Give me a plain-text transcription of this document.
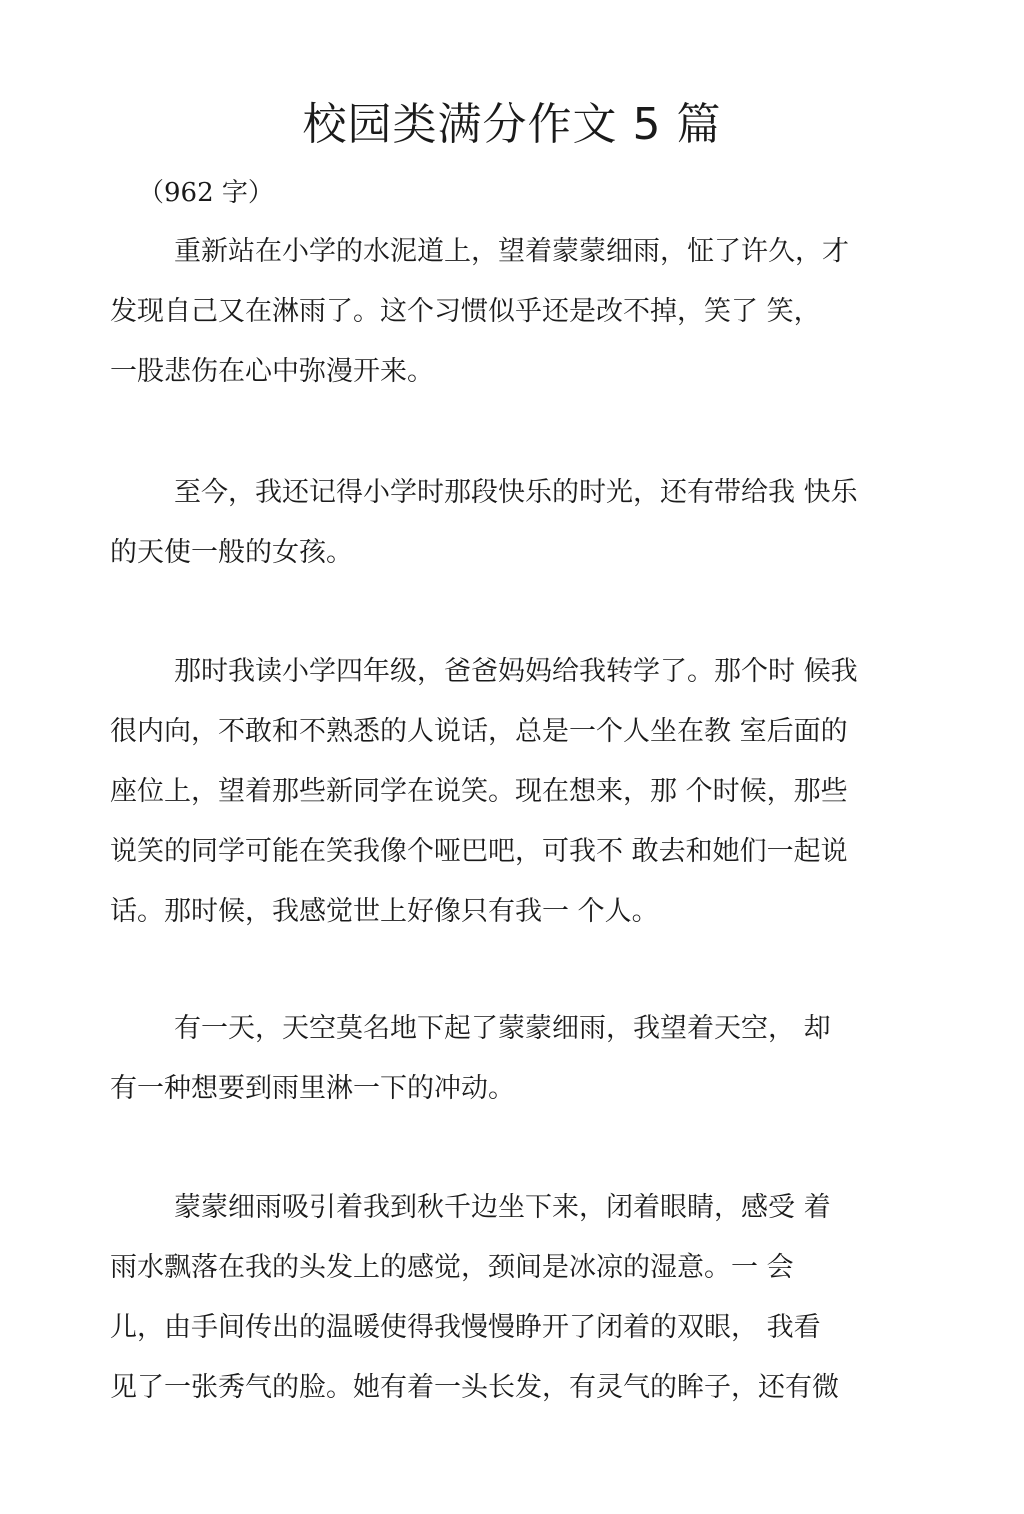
校园类满分作文 5 篇

（962 字）

重新站在小学的水泥道上，望着蒙蒙细雨，怔了许久，才
发现自己又在淋雨了。这个习惯似乎还是改不掉，笑了 笑，
一股悲伤在心中弥漫开来。
至今，我还记得小学时那段快乐的时光，还有带给我 快乐
的天使一般的女孩。
那时我读小学四年级，爸爸妈妈给我转学了。那个时 候我
很内向，不敢和不熟悉的人说话，总是一个人坐在教 室后面的
座位上，望着那些新同学在说笑。现在想来，那 个时候，那些
说笑的同学可能在笑我像个哑巴吧，可我不 敢去和她们一起说
话。那时候，我感觉世上好像只有我一 个人。
有一天，天空莫名地下起了蒙蒙细雨，我望着天空， 却
有一种想要到雨里淋一下的冲动。
蒙蒙细雨吸引着我到秋千边坐下来，闭着眼睛，感受 着
雨水飘落在我的头发上的感觉，颈间是冰凉的湿意。一 会
儿，由手间传出的温暖使得我慢慢睁开了闭着的双眼， 我看
见了一张秀气的脸。她有着一头长发，有灵气的眸子，还有微
